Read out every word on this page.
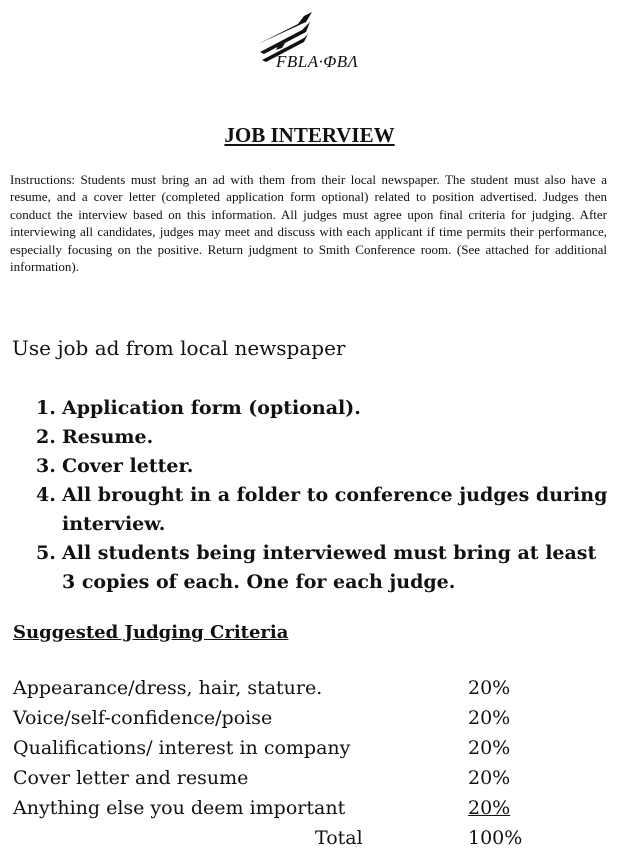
FBLA·ΦΒΛ
JOB INTERVIEW
Instructions: Students must bring an ad with them from their local newspaper. The student must also have a resume, and a cover letter (completed application form optional) related to position advertised. Judges then conduct the interview based on this information. All judges must agree upon final criteria for judging. After interviewing all candidates, judges may meet and discuss with each applicant if time permits their performance, especially focusing on the positive. Return judgment to Smith Conference room. (See attached for additional information).
Use job ad from local newspaper
1. Application form (optional).
2. Resume.
3. Cover letter.
4. All brought in a folder to conference judges during interview.
5. All students being interviewed must bring at least 3 copies of each. One for each judge.
Suggested Judging Criteria
Appearance/dress, hair, stature.	20%
Voice/self-confidence/poise	20%
Qualifications/ interest in company	20%
Cover letter and resume	20%
Anything else you deem important	20%
Total	100%
